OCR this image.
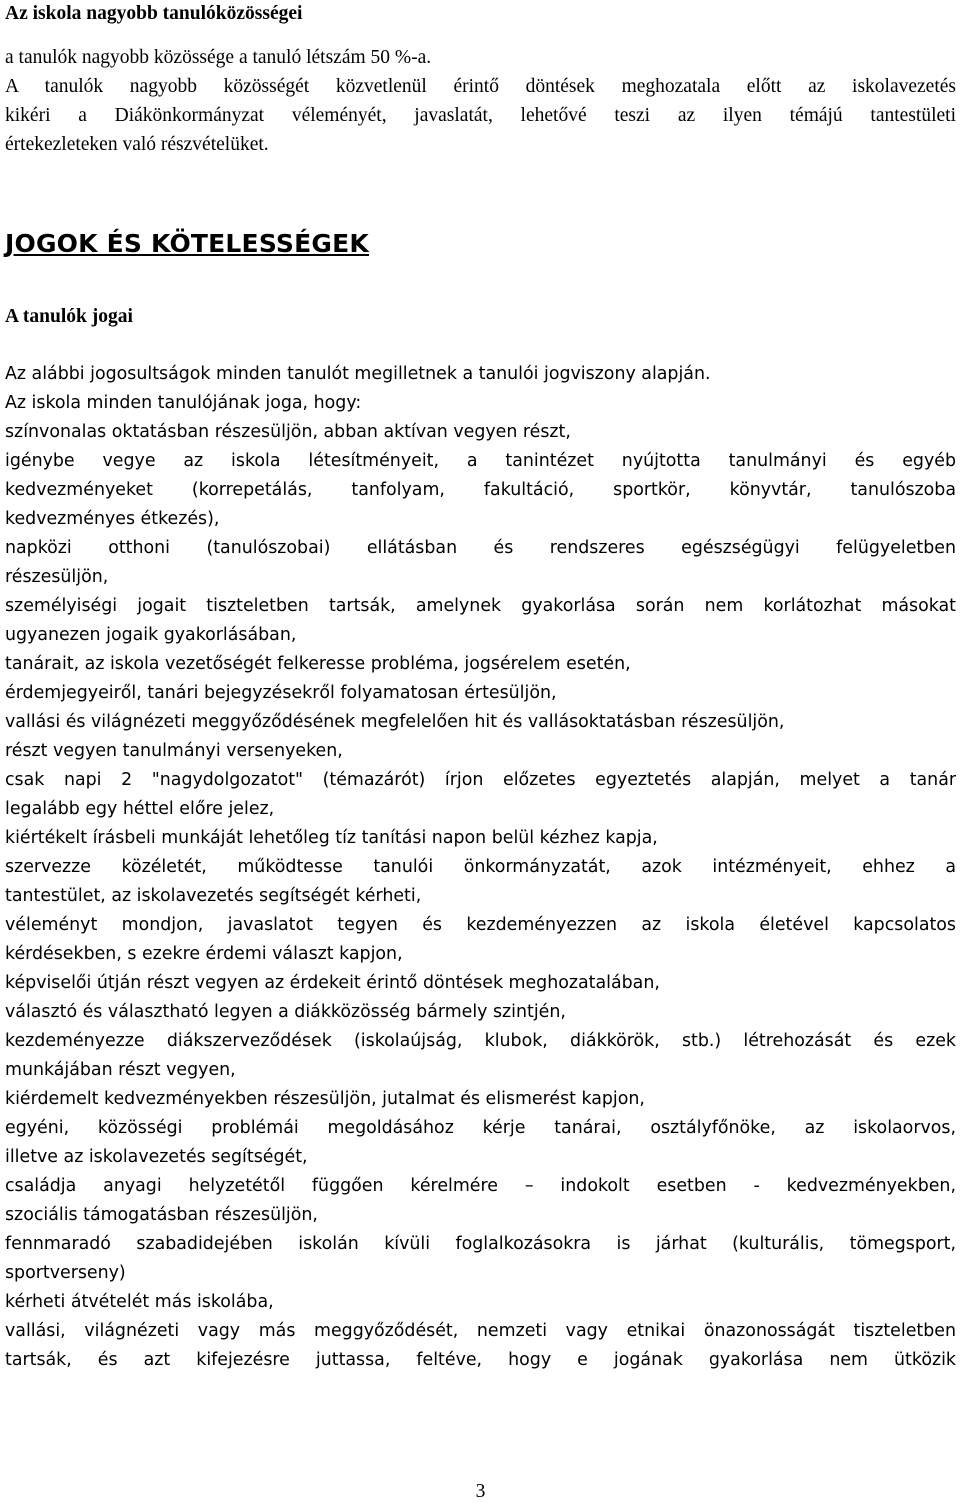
Az iskola nagyobb tanulóközösségei
a tanulók nagyobb közössége a tanuló létszám 50 %-a.
A tanulók nagyobb közösségét közvetlenül érintő döntések meghozatala előtt az iskolavezetés
kikéri a Diákönkormányzat véleményét, javaslatát, lehetővé teszi az ilyen témájú tantestületi
értekezleteken való részvételüket.
JOGOK ÉS KÖTELESSÉGEK
A tanulók jogai
Az alábbi jogosultságok minden tanulót megilletnek a tanulói jogviszony alapján.
Az iskola minden tanulójának joga, hogy:
színvonalas oktatásban részesüljön, abban aktívan vegyen részt,
igénybe vegye az iskola létesítményeit, a tanintézet nyújtotta tanulmányi és egyéb
kedvezményeket (korrepetálás, tanfolyam, fakultáció, sportkör, könyvtár, tanulószoba
kedvezményes étkezés),
napközi otthoni (tanulószobai) ellátásban és rendszeres egészségügyi felügyeletben
részesüljön,
személyiségi jogait tiszteletben tartsák, amelynek gyakorlása során nem korlátozhat másokat
ugyanezen jogaik gyakorlásában,
tanárait, az iskola vezetőségét felkeresse probléma, jogsérelem esetén,
érdemjegyeiről, tanári bejegyzésekről folyamatosan értesüljön,
vallási és világnézeti meggyőződésének megfelelően hit és vallásoktatásban részesüljön,
részt vegyen tanulmányi versenyeken,
csak napi 2 "nagydolgozatot" (témazárót) írjon előzetes egyeztetés alapján, melyet a tanár
legalább egy héttel előre jelez,
kiértékelt írásbeli munkáját lehetőleg tíz tanítási napon belül kézhez kapja,
szervezze közéletét, működtesse tanulói önkormányzatát, azok intézményeit, ehhez a
tantestület, az iskolavezetés segítségét kérheti,
véleményt mondjon, javaslatot tegyen és kezdeményezzen az iskola életével kapcsolatos
kérdésekben, s ezekre érdemi választ kapjon,
képviselői útján részt vegyen az érdekeit érintő döntések meghozatalában,
választó és választható legyen a diákközösség bármely szintjén,
kezdeményezze diákszerveződések (iskolaújság, klubok, diákkörök, stb.) létrehozását és ezek
munkájában részt vegyen,
kiérdemelt kedvezményekben részesüljön, jutalmat és elismerést kapjon,
egyéni, közösségi problémái megoldásához kérje tanárai, osztályfőnöke, az iskolaorvos,
illetve az iskolavezetés segítségét,
családja anyagi helyzetétől függően kérelmére – indokolt esetben - kedvezményekben,
szociális támogatásban részesüljön,
fennmaradó szabadidejében iskolán kívüli foglalkozásokra is járhat (kulturális, tömegsport,
sportverseny)
kérheti átvételét más iskolába,
vallási, világnézeti vagy más meggyőződését, nemzeti vagy etnikai önazonosságát tiszteletben
tartsák, és azt kifejezésre juttassa, feltéve, hogy e jogának gyakorlása nem ütközik
3
